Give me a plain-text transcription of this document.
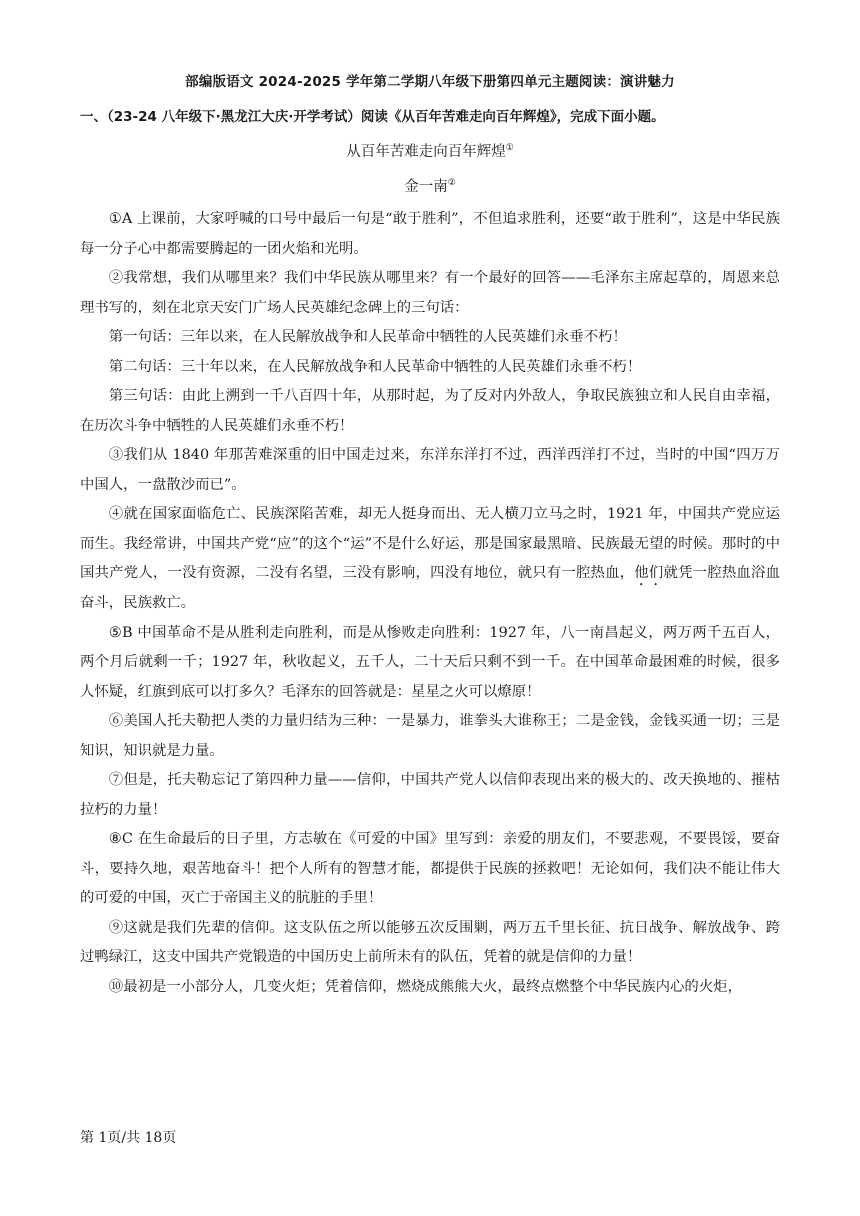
部编版语文 2024-2025 学年第二学期八年级下册第四单元主题阅读：演讲魅力
一、（23-24 八年级下·黑龙江大庆·开学考试）阅读《从百年苦难走向百年辉煌》，完成下面小题。
从百年苦难走向百年辉煌①
金一南②

①A 上课前，大家呼喊的口号中最后一句是“敢于胜利”，不但追求胜利，还要“敢于胜利”，这是中华民族每一分子心中都需要腾起的一团火焰和光明。

②我常想，我们从哪里来？我们中华民族从哪里来？有一个最好的回答——毛泽东主席起草的，周恩来总理书写的，刻在北京天安门广场人民英雄纪念碑上的三句话：

第一句话：三年以来，在人民解放战争和人民革命中牺牲的人民英雄们永垂不朽！

第二句话：三十年以来，在人民解放战争和人民革命中牺牲的人民英雄们永垂不朽！

第三句话：由此上溯到一千八百四十年，从那时起，为了反对内外敌人，争取民族独立和人民自由幸福，在历次斗争中牺牲的人民英雄们永垂不朽！

③我们从 1840 年那苦难深重的旧中国走过来，东洋东洋打不过，西洋西洋打不过，当时的中国“四万万中国人，一盘散沙而已”。

④就在国家面临危亡、民族深陷苦难，却无人挺身而出、无人横刀立马之时，1921 年，中国共产党应运而生。我经常讲，中国共产党“应”的这个“运”不是什么好运，那是国家最黑暗、民族最无望的时候。那时的中国共产党人，一没有资源，二没有名望，三没有影响，四没有地位，就只有一腔热血，他们就凭一腔热血浴血奋斗，民族救亡。

⑤B 中国革命不是从胜利走向胜利，而是从惨败走向胜利：1927 年，八一南昌起义，两万两千五百人，两个月后就剩一千；1927 年，秋收起义，五千人，二十天后只剩不到一千。在中国革命最困难的时候，很多人怀疑，红旗到底可以打多久？毛泽东的回答就是：星星之火可以燎原！

⑥美国人托夫勒把人类的力量归结为三种：一是暴力，谁拳头大谁称王；二是金钱，金钱买通一切；三是知识，知识就是力量。

⑦但是，托夫勒忘记了第四种力量——信仰，中国共产党人以信仰表现出来的极大的、改天换地的、摧枯拉朽的力量！

⑧C 在生命最后的日子里，方志敏在《可爱的中国》里写到：亲爱的朋友们，不要悲观，不要畏馁，要奋斗，要持久地，艰苦地奋斗！把个人所有的智慧才能，都提供于民族的拯救吧！无论如何，我们决不能让伟大的可爱的中国，灭亡于帝国主义的肮脏的手里！

⑨这就是我们先辈的信仰。这支队伍之所以能够五次反围剿，两万五千里长征、抗日战争、解放战争、跨过鸭绿江，这支中国共产党锻造的中国历史上前所未有的队伍，凭着的就是信仰的力量！

⑩最初是一小部分人，几变火炬；凭着信仰，燃烧成熊熊大火，最终点燃整个中华民族内心的火炬，

第 1页/共 18页
